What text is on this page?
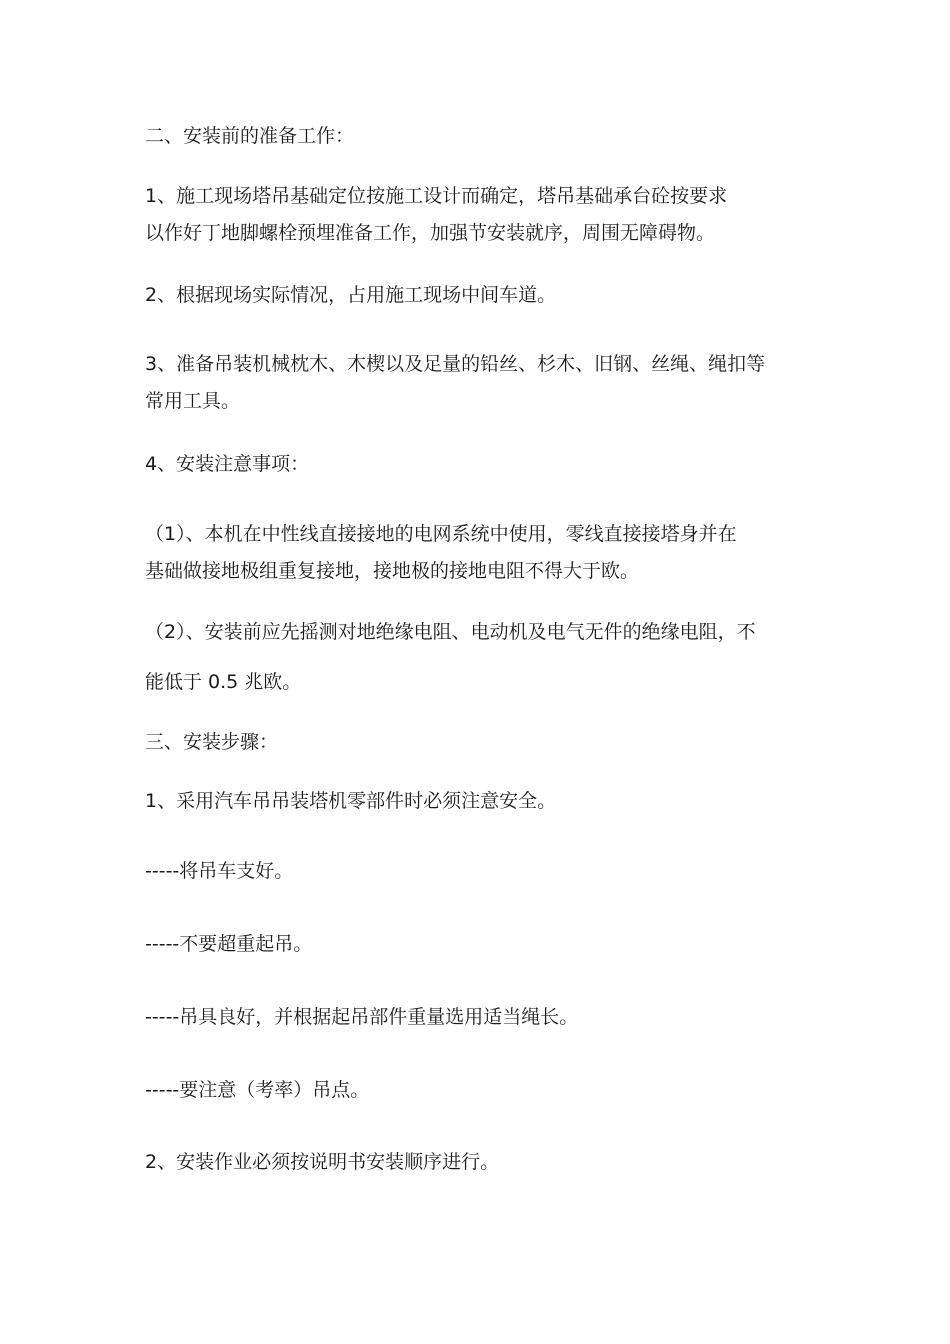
二、安装前的准备工作：

1、施工现场塔吊基础定位按施工设计而确定，塔吊基础承台砼按要求
以作好丁地脚螺栓预埋准备工作，加强节安装就序，周围无障碍物。

2、根据现场实际情况，占用施工现场中间车道。

3、准备吊装机械枕木、木楔以及足量的铅丝、杉木、旧钢、丝绳、绳扣等
常用工具。

4、安装注意事项：

（1）、本机在中性线直接接地的电网系统中使用，零线直接接塔身并在
基础做接地极组重复接地，接地极的接地电阻不得大于欧。

（2）、安装前应先摇测对地绝缘电阻、电动机及电气无件的绝缘电阻，不

能低于 0.5 兆欧。

三、安装步骤：

1、采用汽车吊吊装塔机零部件时必须注意安全。

-----将吊车支好。

-----不要超重起吊。

-----吊具良好，并根据起吊部件重量选用适当绳长。

-----要注意（考率）吊点。

2、安装作业必须按说明书安装顺序进行。
